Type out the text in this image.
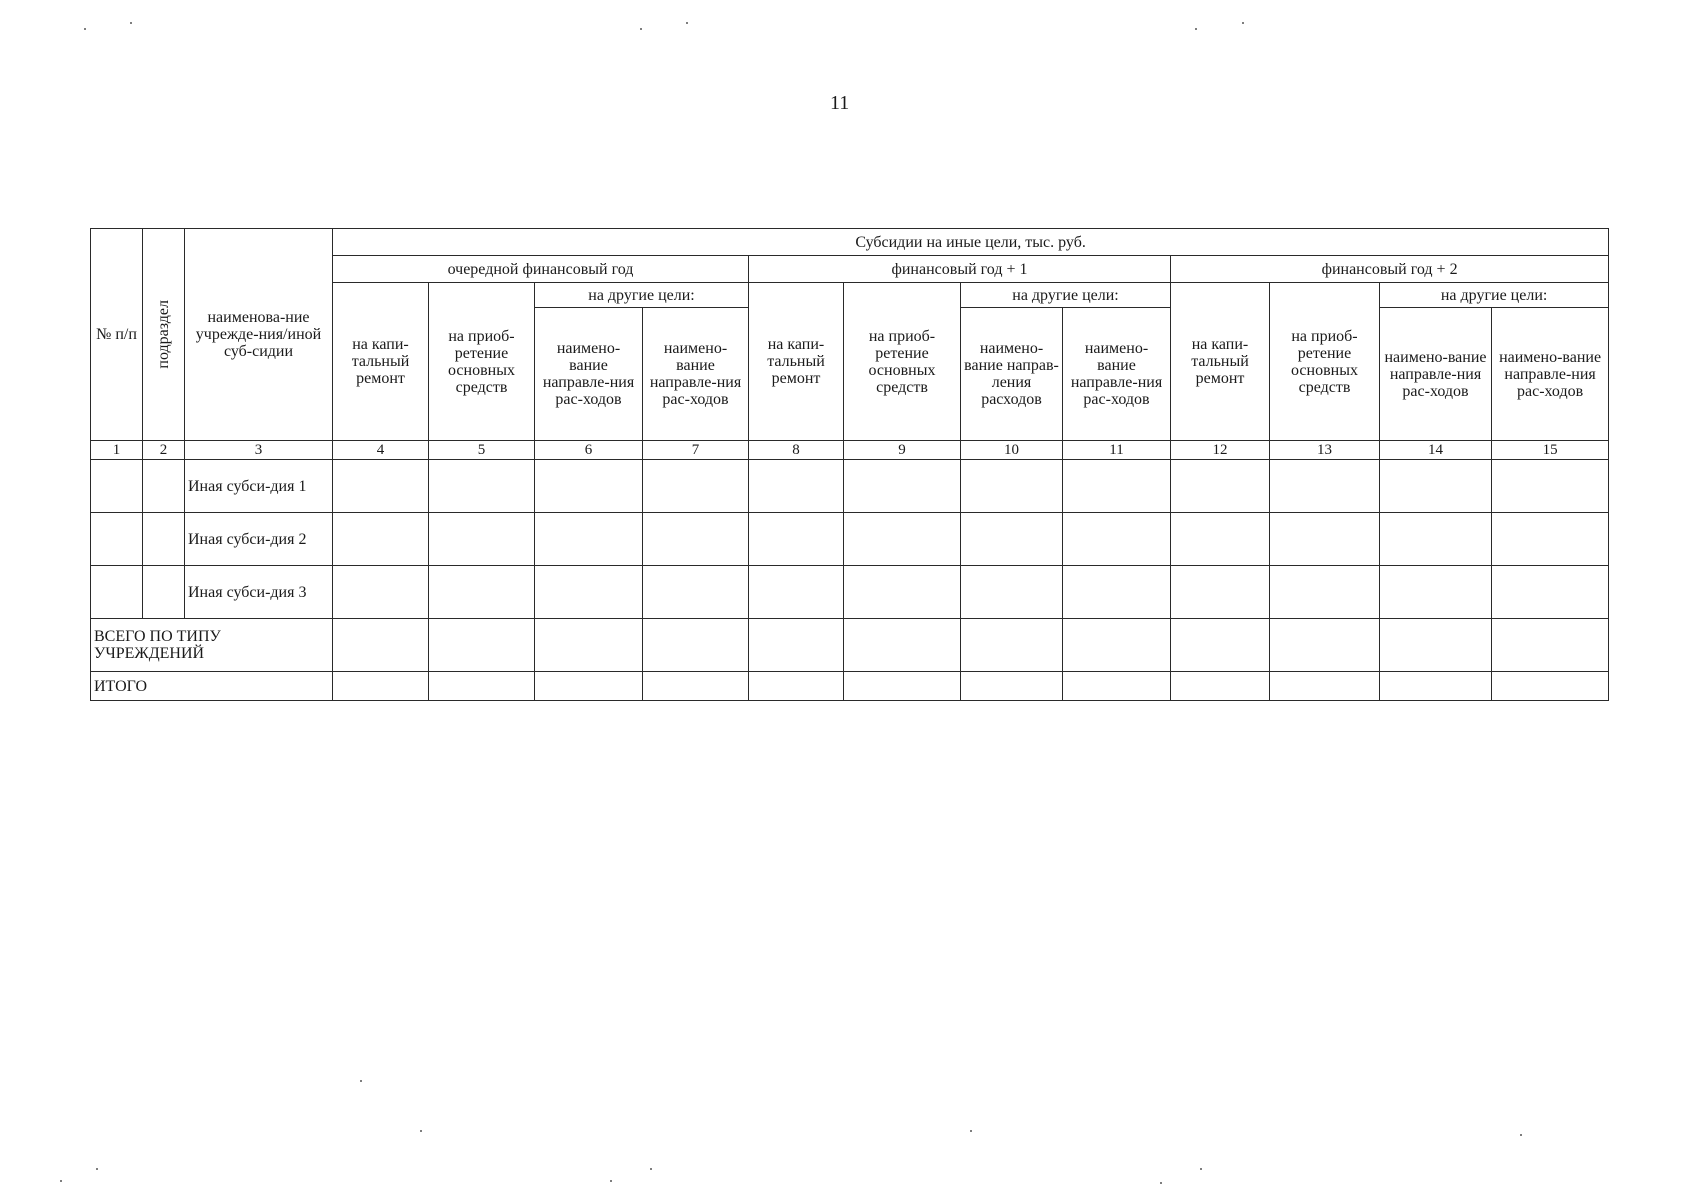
11
№ п/п	подраздел	наименова-ние учрежде-ния/иной суб-сидии	Субсидии на иные цели, тыс. руб.											
			очередной финансовый год				финансовый год + 1				финансовый год + 2			
			на капи-тальный ремонт	на приоб-ретение основных средств	на другие цели:		на капи-тальный ремонт	на приоб-ретение основных средств	на другие цели:		на капи-тальный ремонт	на приоб-ретение основных средств	на другие цели:	
					наимено-вание направле-ния рас-ходов	наимено-вание направле-ния рас-ходов			наимено-вание направ-ления расходов	наимено-вание направле-ния рас-ходов			наимено-вание направле-ния рас-ходов	наимено-вание направле-ния рас-ходов
1	2	3	4	5	6	7	8	9	10	11	12	13	14	15
		Иная субси-дия 1												
		Иная субси-дия 2												
		Иная субси-дия 3												
ВСЕГО ПО ТИПУ УЧРЕЖДЕНИЙ														
ИТОГО														
